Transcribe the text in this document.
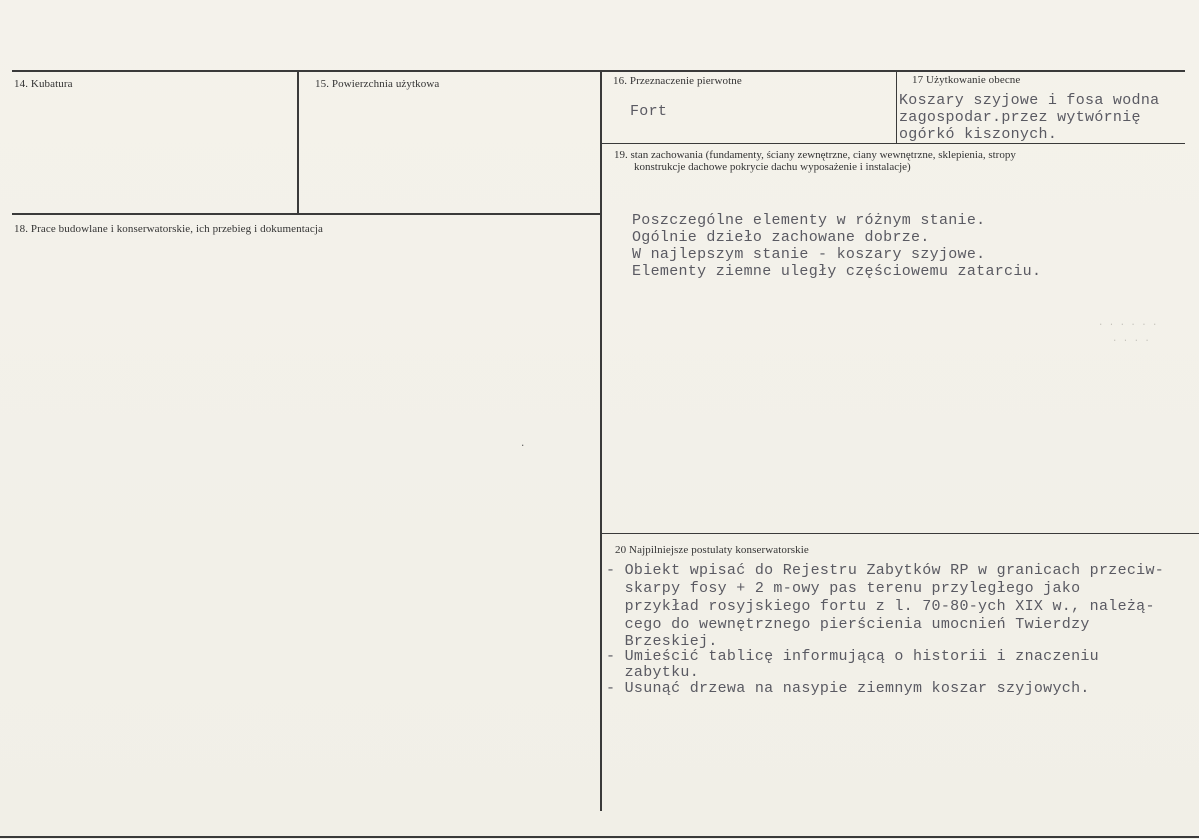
14. Kubatura	15. Powierzchnia użytkowa	16. Przeznaczenie pierwotne
Fort
17 Użytkowanie obecne
Koszary szyjowe i fosa wodna
zagospodar.przez wytwórnię
ogórkó kiszonych.
18. Prace budowlane i konserwatorskie, ich przebieg i dokumentacja
19. stan zachowania (fundamenty, ściany zewnętrzne, ciany wewnętrzne, sklepienia, stropy
konstrukcje dachowe pokrycie dachu wyposażenie i instalacje)
Poszczególne elementy w różnym stanie.
Ogólnie dzieło zachowane dobrze.
W najlepszym stanie - koszary szyjowe.
Elementy ziemne uległy częściowemu zatarciu.
20 Najpilniejsze postulaty konserwatorskie
- Obiekt wpisać do Rejestru Zabytków RP w granicach przeciw-
skarpy fosy + 2 m-owy pas terenu przyległego jako
przykład rosyjskiego fortu z l. 70-80-ych XIX w., należą-
cego do wewnętrznego pierścienia umocnień Twierdzy
Brzeskiej.
- Umieścić tablicę informującą o historii i znaczeniu
zabytku.
- Usunąć drzewa na nasypie ziemnym koszar szyjowych.
· · · · · ·
· · · ·
·
